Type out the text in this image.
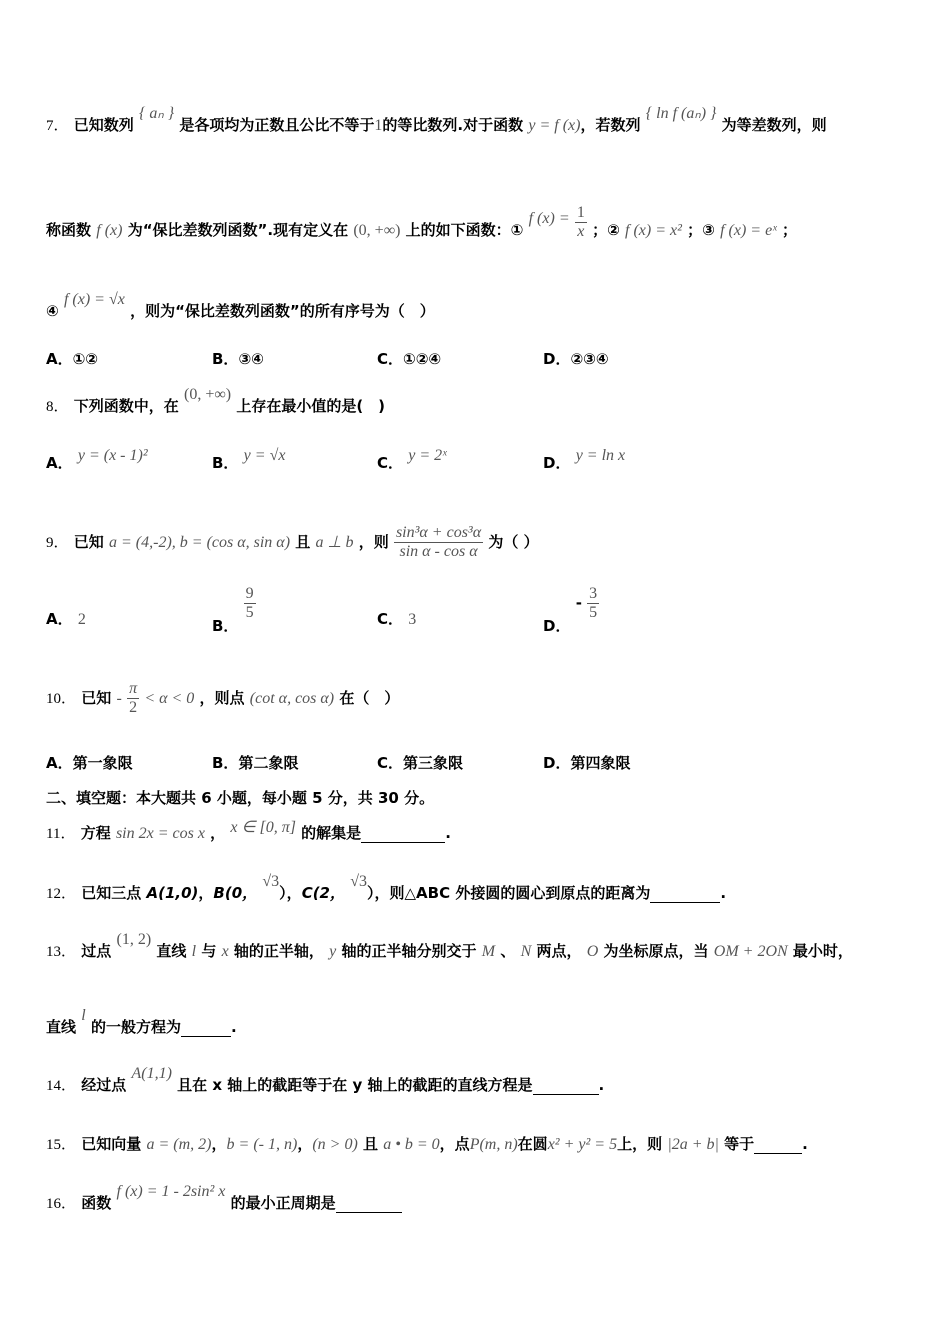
7． 已知数列 { aₙ } 是各项均为正数且公比不等于1的等比数列.对于函数 y = f (x)，若数列 { ln f (aₙ) } 为等差数列，则
称函数 f (x) 为“保比差数列函数”.现有定义在 (0, +∞) 上的如下函数：① f $(x) = \frac{1}{x}$ ；② f (x) = x² ；③ f (x) = eˣ ；
④ f (x) = √x ，则为“保比差数列函数”的所有序号为（　）
A．①②	B．③④	C．①②④	D．②③④
8． 下列函数中，在 (0, +∞) 上存在最小值的是(　)
A． y = (x - 1)²	B． y = √x	C． y = 2ˣ	D． y = ln x
9． 已知 a = (4,-2), b = (cos α, sin α) 且 a ⊥ b ，则 $\frac{\text{sin³α + cos³α}}{\text{sin α - cos α}}$ 为（ ）
A． 2	B．
$\frac{9}{5}$	C． 3	D． - $\frac{3}{5}$
10． 已知 - $\frac{\pi}{2} < \alpha < 0$ ，则点 (cot α, cos α) 在（　）
A．第一象限	B．第二象限	C．第三象限	D．第四象限
二、填空题：本大题共 6 小题，每小题 5 分，共 30 分。
11． 方程 sin 2x = cos x ， x ∈ [0, π] 的解集是	.
12． 已知三点 A(1,0)，B(0， √3），C(2， √3），则△ABC 外接圆的圆心到原点的距离为	.
13． 过点 (1, 2) 直线 l 与 x 轴的正半轴， y 轴的正半轴分别交于 M 、 N 两点， O 为坐标原点，当 OM + 2ON 最小时，
直线 l 的一般方程为	.
14． 经过点 A(1,1) 且在 x 轴上的截距等于在 y 轴上的截距的直线方程是	.
15． 已知向量 a = (m, 2)，b = (- 1, n)，(n > 0) 且 a • b = 0，点P(m, n)在圆x² + y² = 5上，则 |2a + b| 等于	.
16． 函数 f (x) = 1 - 2sin² x 的最小正周期是
